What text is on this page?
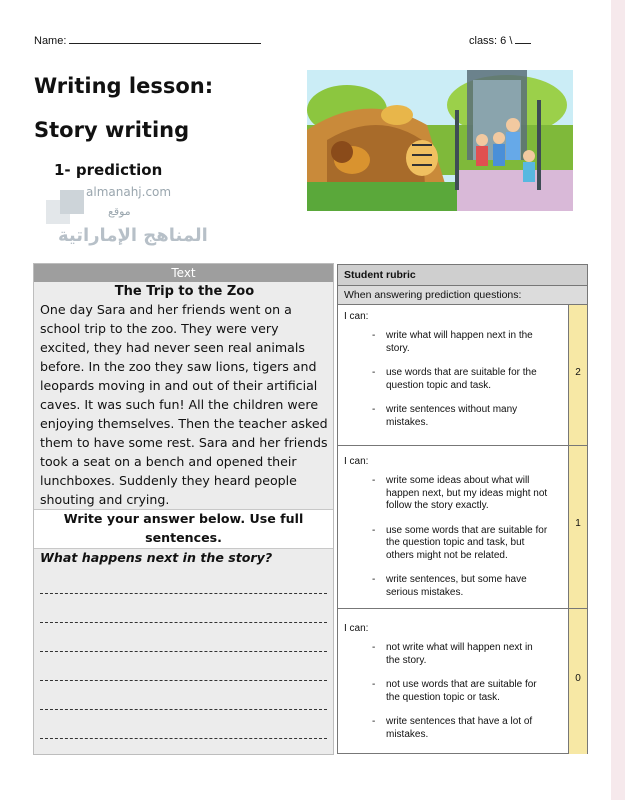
Name:	class: 6 \
Writing lesson:
Story writing
1- prediction
almanahj.com
موقع
المناهج الإماراتية
Text
The Trip to the Zoo
One day Sara and her friends went on a
school trip to the zoo. They were very
excited, they had never seen real animals
before. In the zoo they saw lions, tigers and
leopards moving in and out of their artificial
caves. It was such fun! All the children were
enjoying themselves. Then the teacher asked
them to have some rest. Sara and her friends
took a seat on a bench and opened their
lunchboxes. Suddenly they heard people
shouting and crying.
Write your answer below. Use full
sentences.
What happens next in the story?
Student rubric
When answering prediction questions:
I can:
- write what will happen next in the
story.
- use words that are suitable for the
question topic and task.
- write sentences without many
mistakes.
2
I can:
- write some ideas about what will
happen next, but my ideas might not
follow the story exactly.
- use some words that are suitable for
the question topic and task, but
others might not be related.
- write sentences, but some have
serious mistakes.
1
I can:
- not write what will happen next in
the story.
- not use words that are suitable for
the question topic or task.
- write sentences that have a lot of
mistakes.
0
